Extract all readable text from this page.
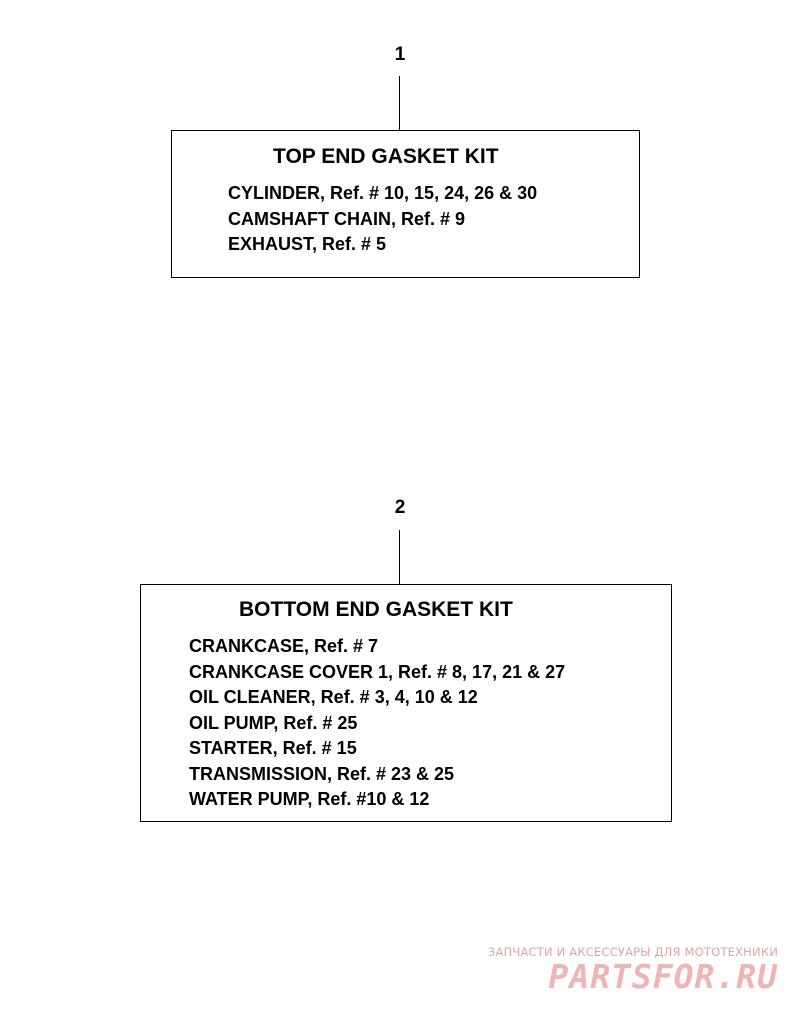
1
TOP END GASKET KIT
CYLINDER, Ref. # 10, 15, 24, 26 & 30
CAMSHAFT CHAIN, Ref. # 9
EXHAUST, Ref. # 5
2
BOTTOM END GASKET KIT
CRANKCASE, Ref. # 7
CRANKCASE COVER 1, Ref. # 8, 17, 21 & 27
OIL CLEANER, Ref. # 3, 4, 10 & 12
OIL PUMP, Ref. # 25
STARTER, Ref. # 15
TRANSMISSION, Ref. # 23 & 25
WATER PUMP, Ref. #10 & 12
ЗАПЧАСТИ И АКСЕССУАРЫ ДЛЯ МОТОТЕХНИКИ
PARTSFOR.RU
